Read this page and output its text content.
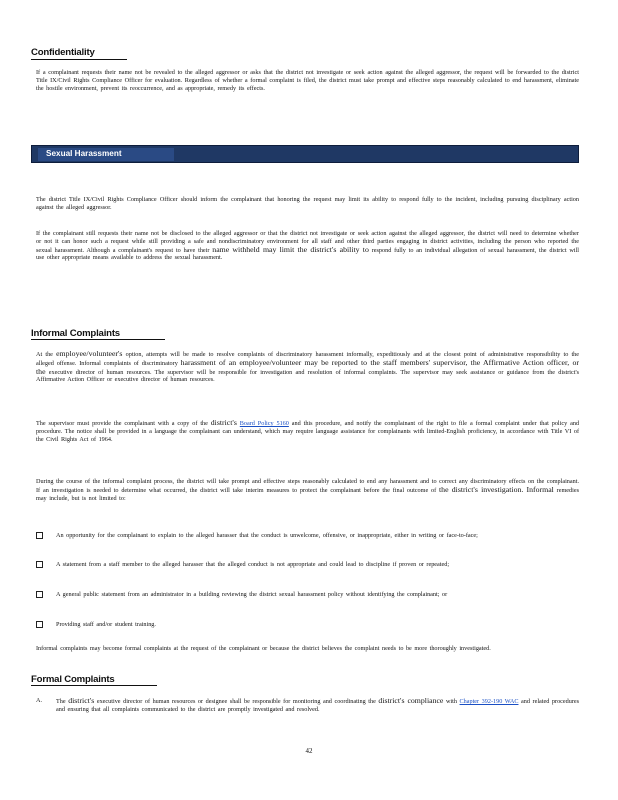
Confidentiality

If a complainant requests their name not be revealed to the alleged aggressor or asks that the district not investigate or seek action against the alleged aggressor, the request will be forwarded to the district Title IX/Civil Rights Compliance Officer for evaluation. Regardless of whether a formal complaint is filed, the district must take prompt and effective steps reasonably calculated to end harassment, eliminate the hostile environment, prevent its reoccurrence, and as appropriate, remedy its effects.

Sexual Harassment

The district Title IX/Civil Rights Compliance Officer should inform the complainant that honoring the request may limit its ability to respond fully to the incident, including pursuing disciplinary action against the alleged aggressor.

If the complainant still requests their name not be disclosed to the alleged aggressor or that the district not investigate or seek action against the alleged aggressor, the district will need to determine whether or not it can honor such a request while still providing a safe and nondiscriminatory environment for all staff and other third parties engaging in district activities, including the person who reported the sexual harassment. Although a complainant's request to have their name withheld may limit the district's ability to respond fully to an individual allegation of sexual harassment, the district will use other appropriate means available to address the sexual harassment.

Informal Complaints

At the employee/volunteer's option, attempts will be made to resolve complaints of discriminatory harassment informally, expeditiously and at the closest point of administrative responsibility to the alleged offense. Informal complaints of discriminatory harassment of an employee/volunteer may be reported to the staff members' supervisor, the Affirmative Action officer, or the executive director of human resources. The supervisor will be responsible for investigation and resolution of informal complaints. The supervisor may seek assistance or guidance from the district's Affirmative Action Officer or executive director of human resources.

The supervisor must provide the complainant with a copy of the district's Board Policy 5160 and this procedure, and notify the complainant of the right to file a formal complaint under that policy and procedure. The notice shall be provided in a language the complainant can understand, which may require language assistance for complainants with limited-English proficiency, in accordance with Title VI of the Civil Rights Act of 1964.

During the course of the informal complaint process, the district will take prompt and effective steps reasonably calculated to end any harassment and to correct any discriminatory effects on the complainant. If an investigation is needed to determine what occurred, the district will take interim measures to protect the complainant before the final outcome of the district's investigation. Informal remedies may include, but is not limited to:

An opportunity for the complainant to explain to the alleged harasser that the conduct is unwelcome, offensive, or inappropriate, either in writing or face-to-face;
A statement from a staff member to the alleged harasser that the alleged conduct is not appropriate and could lead to discipline if proven or repeated;
A general public statement from an administrator in a building reviewing the district sexual harassment policy without identifying the complainant; or
Providing staff and/or student training.

Informal complaints may become formal complaints at the request of the complainant or because the district believes the complaint needs to be more thoroughly investigated.

Formal Complaints
A. The district's executive director of human resources or designee shall be responsible for monitoring and coordinating the district's compliance with Chapter 392-190 WAC and related procedures and ensuring that all complaints communicated to the district are promptly investigated and resolved.

42
